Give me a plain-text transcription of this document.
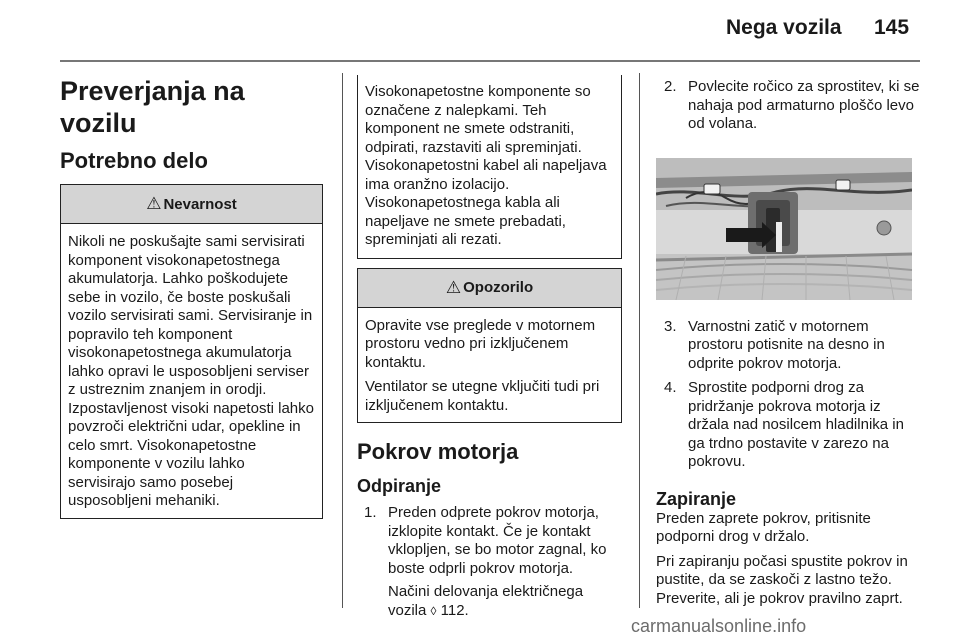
Nega vozila 145
Preverjanja na vozilu
Potrebno delo
⚠ Nevarnost

Nikoli ne poskušajte sami servisirati komponent visokonapetostnega akumulatorja. Lahko poškodujete sebe in vozilo, če boste poskušali vozilo servisirati sami. Servisiranje in popravilo teh komponent visokonapetostnega akumulatorja lahko opravi le usposobljeni serviser z ustreznim znanjem in orodji. Izpostavljenost visoki napetosti lahko povzroči električni udar, opekline in celo smrt. Visokonapetostne komponente v vozilu lahko servisirajo samo posebej usposobljeni mehaniki.

Visokonapetostne komponente so označene z nalepkami. Teh komponent ne smete odstraniti, odpirati, razstaviti ali spreminjati. Visokonapetostni kabel ali napeljava ima oranžno izolacijo. Visokonapetostnega kabla ali napeljave ne smete prebadati, spreminjati ali rezati.

⚠ Opozorilo

Opravite vse preglede v motornem prostoru vedno pri izključenem kontaktu.

Ventilator se utegne vključiti tudi pri izključenem kontaktu.

Pokrov motorja
Odpiranje
1. Preden odprete pokrov motorja, izklopite kontakt. Če je kontakt vklopljen, se bo motor zagnal, ko boste odprli pokrov motorja.
Načini delovanja električnega vozila ◊ 112.
2. Povlecite ročico za sprostitev, ki se nahaja pod armaturno ploščo levo od volana.
3. Varnostni zatič v motornem prostoru potisnite na desno in odprite pokrov motorja.
4. Sprostite podporni drog za pridržanje pokrova motorja iz držala nad nosilcem hladilnika in ga trdno postavite v zarezo na pokrovu.
Zapiranje

Preden zaprete pokrov, pritisnite podporni drog v držalo.

Pri zapiranju počasi spustite pokrov in pustite, da se zaskoči z lastno težo.

Preverite, ali je pokrov pravilno zaprt.

carmanualsonline.info
